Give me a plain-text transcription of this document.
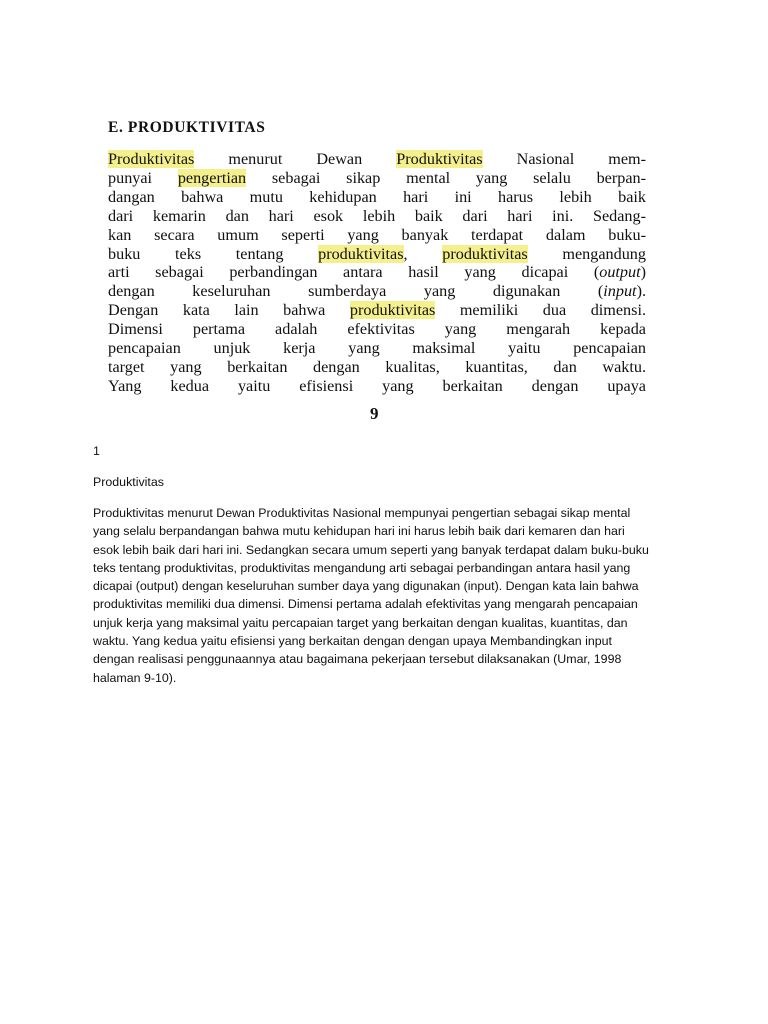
E. PRODUKTIVITAS
Produktivitas menurut Dewan Produktivitas Nasional mem-
punyai pengertian sebagai sikap mental yang selalu berpan-
dangan bahwa mutu kehidupan hari ini harus lebih baik
dari kemarin dan hari esok lebih baik dari hari ini. Sedang-
kan secara umum seperti yang banyak terdapat dalam buku-
buku teks tentang produktivitas, produktivitas mengandung
arti sebagai perbandingan antara hasil yang dicapai (output)
dengan keseluruhan sumberdaya yang digunakan (input).
Dengan kata lain bahwa produktivitas memiliki dua dimensi.
Dimensi pertama adalah efektivitas yang mengarah kepada
pencapaian unjuk kerja yang maksimal yaitu pencapaian
target yang berkaitan dengan kualitas, kuantitas, dan waktu.
Yang kedua yaitu efisiensi yang berkaitan dengan upaya
9
1
Produktivitas
Produktivitas menurut Dewan Produktivitas Nasional mempunyai pengertian sebagai sikap mental
yang selalu berpandangan bahwa mutu kehidupan hari ini harus lebih baik dari kemaren dan hari
esok lebih baik dari hari ini. Sedangkan secara umum seperti yang banyak terdapat dalam buku-buku
teks tentang produktivitas, produktivitas mengandung arti sebagai perbandingan antara hasil yang
dicapai (output) dengan keseluruhan sumber daya yang digunakan (input). Dengan kata lain bahwa
produktivitas memiliki dua dimensi. Dimensi pertama adalah efektivitas yang mengarah pencapaian
unjuk kerja yang maksimal yaitu percapaian target yang berkaitan dengan kualitas, kuantitas, dan
waktu. Yang kedua yaitu efisiensi yang berkaitan dengan dengan upaya Membandingkan input
dengan realisasi penggunaannya atau bagaimana pekerjaan tersebut dilaksanakan (Umar, 1998
halaman 9-10).
